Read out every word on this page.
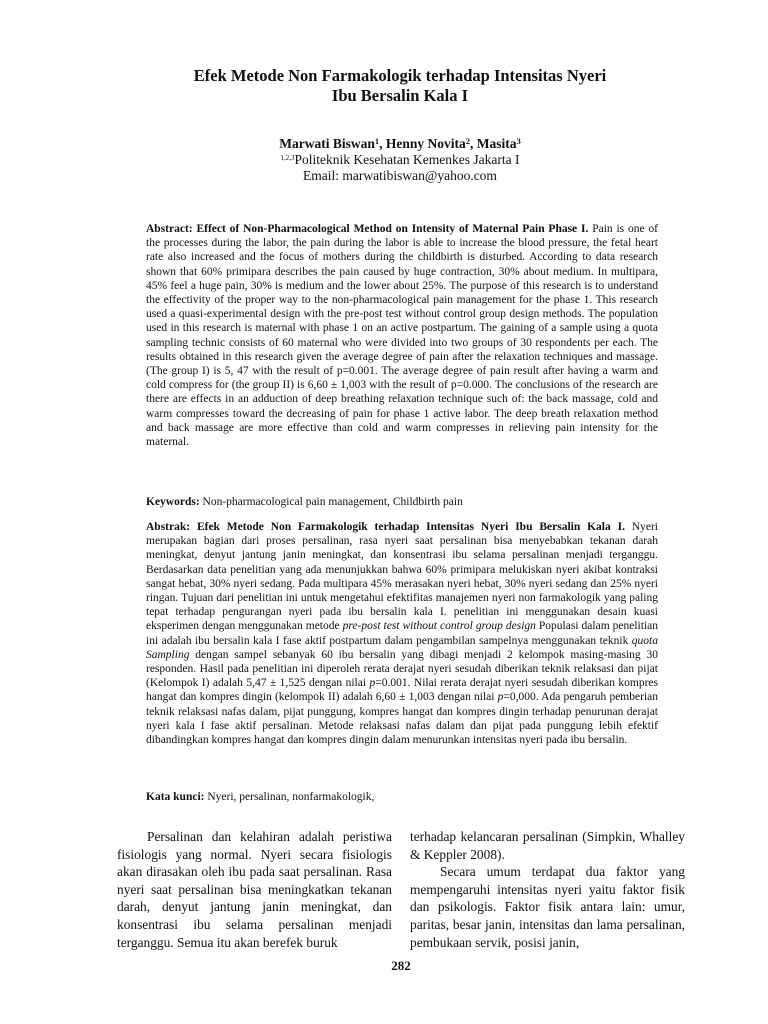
Efek Metode Non Farmakologik terhadap Intensitas Nyeri
Ibu Bersalin Kala I
Marwati Biswan$^1$, Henny Novita$^2$, Masita$^3$
$^{1,2,3}$Politeknik Kesehatan Kemenkes Jakarta I
Email: marwatibiswan@yahoo.com
Abstract: Effect of Non-Pharmacological Method on Intensity of Maternal Pain Phase I. Pain is one of the processes during the labor, the pain during the labor is able to increase the blood pressure, the fetal heart rate also increased and the focus of mothers during the childbirth is disturbed. According to data research shown that 60% primipara describes the pain caused by huge contraction, 30% about medium. In multipara, 45% feel a huge pain, 30% is medium and the lower about 25%. The purpose of this research is to understand the effectivity of the proper way to the non-pharmacological pain management for the phase 1. This research used a quasi-experimental design with the pre-post test without control group design methods. The population used in this research is maternal with phase 1 on an active postpartum. The gaining of a sample using a quota sampling technic consists of 60 maternal who were divided into two groups of 30 respondents per each. The results obtained in this research given the average degree of pain after the relaxation techniques and massage. (The group I) is 5, 47 with the result of p=0.001. The average degree of pain result after having a warm and cold compress for (the group II) is 6,60 ± 1,003 with the result of p=0.000. The conclusions of the research are there are effects in an adduction of deep breathing relaxation technique such of: the back massage, cold and warm compresses toward the decreasing of pain for phase 1 active labor. The deep breath relaxation method and back massage are more effective than cold and warm compresses in relieving pain intensity for the maternal.
Keywords: Non-pharmacological pain management, Childbirth pain
Abstrak: Efek Metode Non Farmakologik terhadap Intensitas Nyeri Ibu Bersalin Kala I. Nyeri merupakan bagian dari proses persalinan, rasa nyeri saat persalinan bisa menyebabkan tekanan darah meningkat, denyut jantung janin meningkat, dan konsentrasi ibu selama persalinan menjadi terganggu. Berdasarkan data penelitian yang ada menunjukkan bahwa 60% primipara melukiskan nyeri akibat kontraksi sangat hebat, 30% nyeri sedang. Pada multipara 45% merasakan nyeri hebat, 30% nyeri sedang dan 25% nyeri ringan. Tujuan dari penelitian ini untuk mengetahui efektifitas manajemen nyeri non farmakologik yang paling tepat terhadap pengurangan nyeri pada ibu bersalin kala I. penelitian ini menggunakan desain kuasi eksperimen dengan menggunakan metode pre-post test without control group design Populasi dalam penelitian ini adalah ibu bersalin kala I fase aktif postpartum dalam pengambilan sampelnya menggunakan teknik quota Sampling dengan sampel sebanyak 60 ibu bersalin yang dibagi menjadi 2 kelompok masing-masing 30 responden. Hasil pada penelitian ini diperoleh rerata derajat nyeri sesudah diberikan teknik relaksasi dan pijat (Kelompok I) adalah 5,47 ± 1,525 dengan nilai p=0.001. Nilai rerata derajat nyeri sesudah diberikan kompres hangat dan kompres dingin (kelompok II) adalah 6,60 ± 1,003 dengan nilai p=0,000. Ada pengaruh pemberian teknik relaksasi nafas dalam, pijat punggung, kompres hangat dan kompres dingin terhadap penurunan derajat nyeri kala I fase aktif persalinan. Metode relaksasi nafas dalam dan pijat pada punggung lebih efektif dibandingkan kompres hangat dan kompres dingin dalam menurunkan intensitas nyeri pada ibu bersalin.
Kata kunci: Nyeri, persalinan, nonfarmakologik,

Persalinan dan kelahiran adalah peristiwa fisiologis yang normal. Nyeri secara fisiologis akan dirasakan oleh ibu pada saat persalinan. Rasa nyeri saat persalinan bisa meningkatkan tekanan darah, denyut jantung janin meningkat, dan konsentrasi ibu selama persalinan menjadi terganggu. Semua itu akan berefek buruk

terhadap kelancaran persalinan (Simpkin, Whalley & Keppler 2008).

Secara umum terdapat dua faktor yang mempengaruhi intensitas nyeri yaitu faktor fisik dan psikologis. Faktor fisik antara lain: umur, paritas, besar janin, intensitas dan lama persalinan, pembukaan servik, posisi janin,

282
